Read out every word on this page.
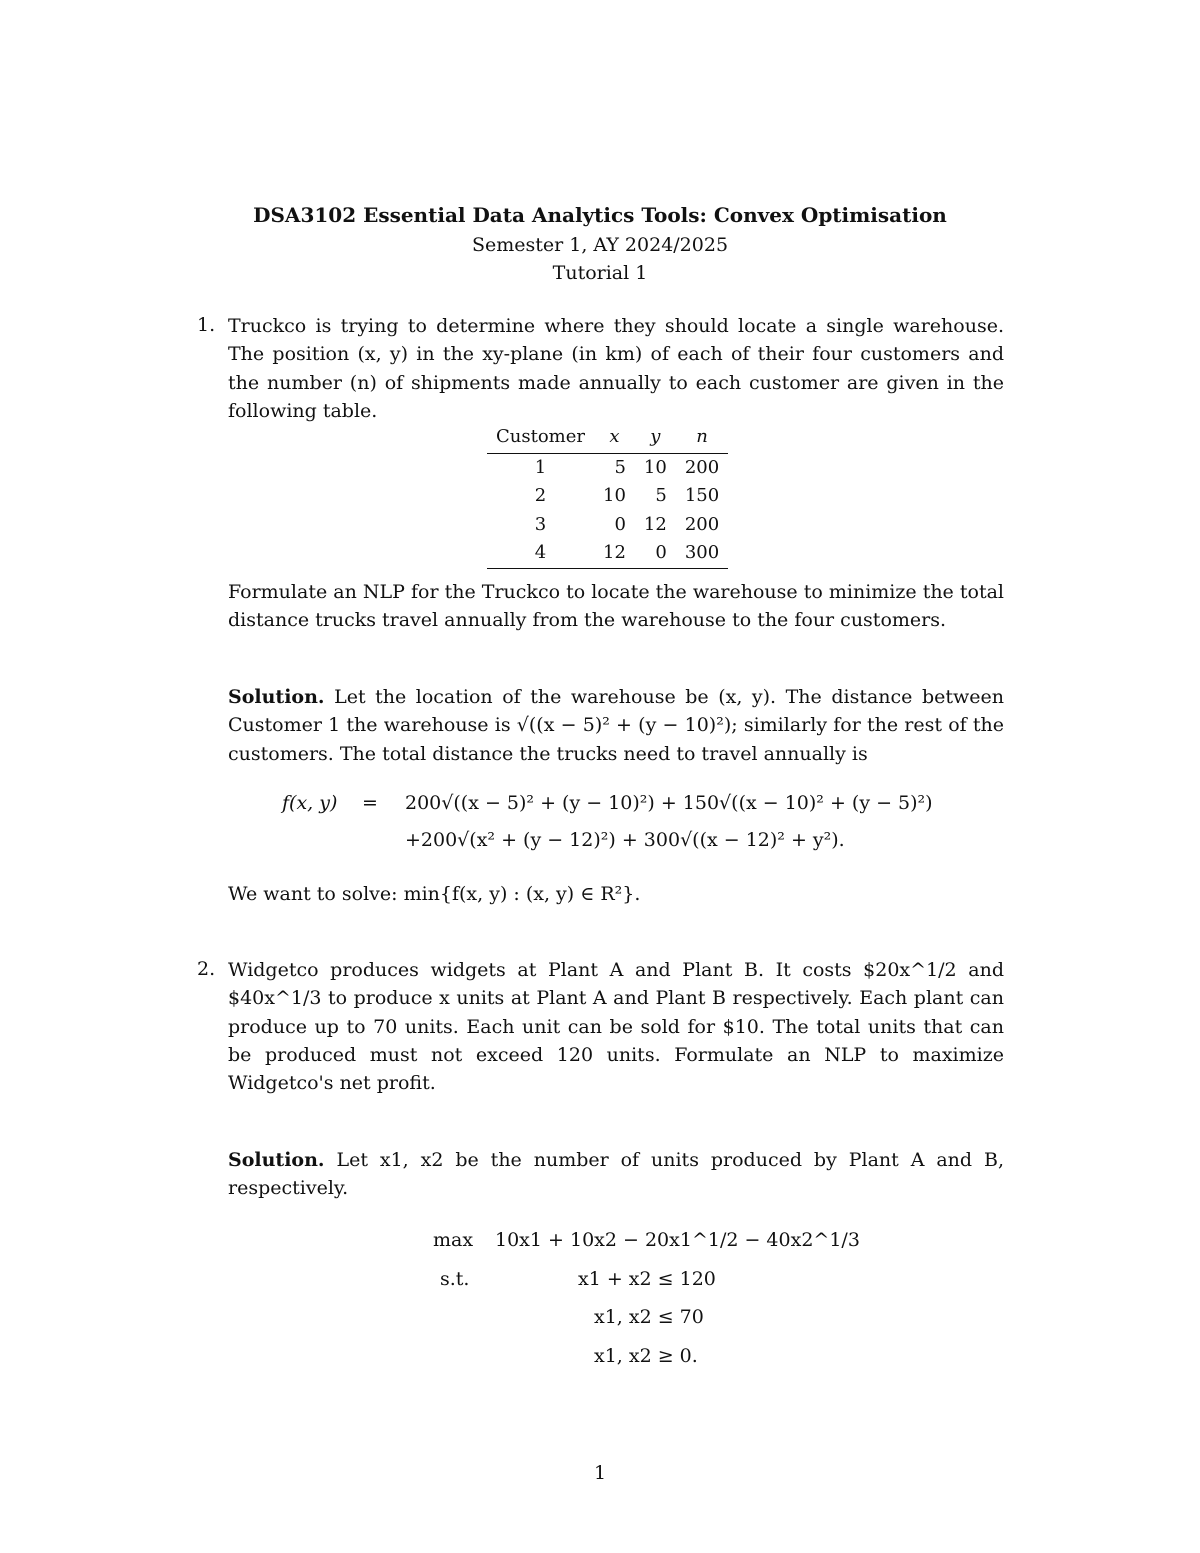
DSA3102 Essential Data Analytics Tools: Convex Optimisation
Semester 1, AY 2024/2025
Tutorial 1
1. Truckco is trying to determine where they should locate a single warehouse. The position (x, y) in the xy-plane (in km) of each of their four customers and the number (n) of shipments made annually to each customer are given in the following table.
Customer	x	y	n
1	5	10	200
2	10	5	150
3	0	12	200
4	12	0	300
Formulate an NLP for the Truckco to locate the warehouse to minimize the total distance trucks travel annually from the warehouse to the four customers.
Solution. Let the location of the warehouse be (x, y). The distance between Customer 1 the warehouse is √((x − 5)² + (y − 10)²); similarly for the rest of the customers. The total distance the trucks need to travel annually is
f(x, y) = 200√((x − 5)² + (y − 10)²) + 150√((x − 10)² + (y − 5)²)
+200√(x² + (y − 12)²) + 300√((x − 12)² + y²).
We want to solve: min{f(x, y) : (x, y) ∈ R²}.
2. Widgetco produces widgets at Plant A and Plant B. It costs $20x^1/2 and $40x^1/3 to produce x units at Plant A and Plant B respectively. Each plant can produce up to 70 units. Each unit can be sold for $10. The total units that can be produced must not exceed 120 units. Formulate an NLP to maximize Widgetco's net profit.
Solution. Let x1, x2 be the number of units produced by Plant A and B, respectively.
max 10x1 + 10x2 − 20x1^1/2 − 40x2^1/3
s.t.	x1 + x2 ≤ 120
x1, x2 ≤ 70
x1, x2 ≥ 0.
1
